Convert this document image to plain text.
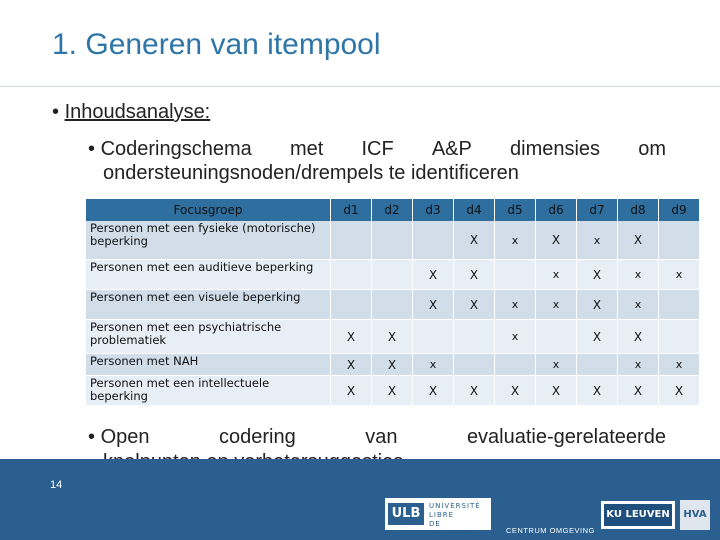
1. Generen van itempool
• Inhoudsanalyse:
• Coderingschema met ICF A&P dimensies om
ondersteuningsnoden/drempels te identificeren
Focusgroep	d1	d2	d3	d4	d5	d6	d7	d8	d9
Personen met een fysieke (motorische) beperking				X	x	X	x	X	
Personen met een auditieve beperking			X	X		x	X	x	x
Personen met een visuele beperking			X	X	x	x	X	x	
Personen met een psychiatrische problematiek	X	X			x		X	X	
Personen met NAH	X	X	x			x		x	x
Personen met een intellectuele beperking	X	X	X	X	X	X	X	X	X
• Open	codering	van	evaluatie-gerelateerde
14
ULB	UNIVERSITÉ
LIBRE
DE BRUXELLES	CENTRUM OMGEVING
KU LEUVEN	HVA
